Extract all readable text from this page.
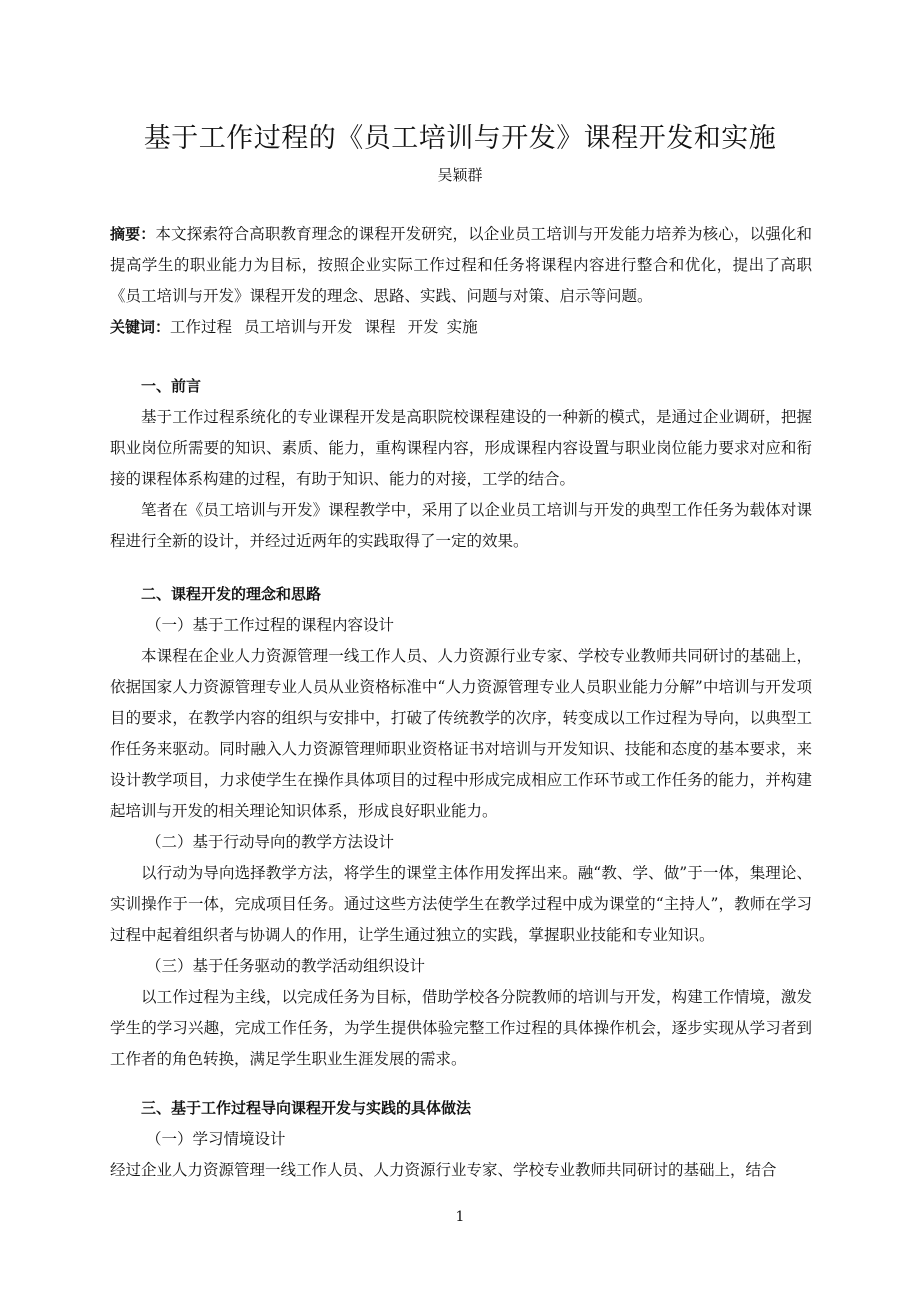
基于工作过程的《员工培训与开发》课程开发和实施
吴颖群

摘要：本文探索符合高职教育理念的课程开发研究，以企业员工培训与开发能力培养为核心，以强化和提高学生的职业能力为目标，按照企业实际工作过程和任务将课程内容进行整合和优化，提出了高职《员工培训与开发》课程开发的理念、思路、实践、问题与对策、启示等问题。

关键词：工作过程 员工培训与开发 课程 开发 实施

一、前言

基于工作过程系统化的专业课程开发是高职院校课程建设的一种新的模式，是通过企业调研，把握职业岗位所需要的知识、素质、能力，重构课程内容，形成课程内容设置与职业岗位能力要求对应和衔接的课程体系构建的过程，有助于知识、能力的对接，工学的结合。

笔者在《员工培训与开发》课程教学中，采用了以企业员工培训与开发的典型工作任务为载体对课程进行全新的设计，并经过近两年的实践取得了一定的效果。

二、课程开发的理念和思路

（一）基于工作过程的课程内容设计

本课程在企业人力资源管理一线工作人员、人力资源行业专家、学校专业教师共同研讨的基础上，依据国家人力资源管理专业人员从业资格标准中“人力资源管理专业人员职业能力分解”中培训与开发项目的要求，在教学内容的组织与安排中，打破了传统教学的次序，转变成以工作过程为导向，以典型工作任务来驱动。同时融入人力资源管理师职业资格证书对培训与开发知识、技能和态度的基本要求，来设计教学项目，力求使学生在操作具体项目的过程中形成完成相应工作环节或工作任务的能力，并构建起培训与开发的相关理论知识体系，形成良好职业能力。

（二）基于行动导向的教学方法设计

以行动为导向选择教学方法，将学生的课堂主体作用发挥出来。融“教、学、做”于一体，集理论、实训操作于一体，完成项目任务。通过这些方法使学生在教学过程中成为课堂的“主持人”，教师在学习过程中起着组织者与协调人的作用，让学生通过独立的实践，掌握职业技能和专业知识。

（三）基于任务驱动的教学活动组织设计

以工作过程为主线，以完成任务为目标，借助学校各分院教师的培训与开发，构建工作情境，激发学生的学习兴趣，完成工作任务，为学生提供体验完整工作过程的具体操作机会，逐步实现从学习者到工作者的角色转换，满足学生职业生涯发展的需求。

三、基于工作过程导向课程开发与实践的具体做法

（一）学习情境设计

经过企业人力资源管理一线工作人员、人力资源行业专家、学校专业教师共同研讨的基础上，结合

1
